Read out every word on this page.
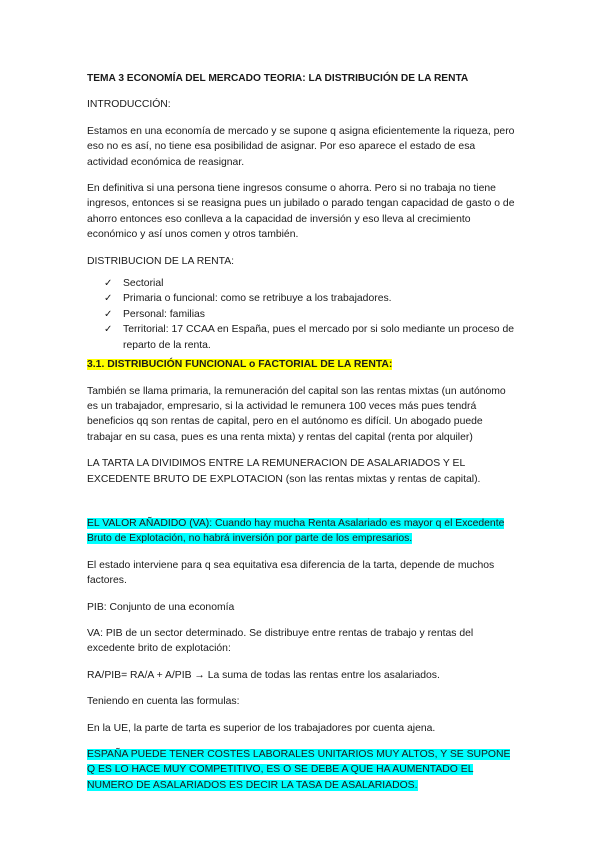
TEMA 3 ECONOMÍA DEL MERCADO TEORIA: LA DISTRIBUCIÓN DE LA RENTA

INTRODUCCIÓN:

Estamos en una economía de mercado y se supone q asigna eficientemente la riqueza, pero eso no es así, no tiene esa posibilidad de asignar. Por eso aparece el estado de esa actividad económica de reasignar.

En definitiva si una persona tiene ingresos consume o ahorra. Pero si no trabaja no tiene ingresos, entonces si se reasigna pues un jubilado o parado tengan capacidad de gasto o de ahorro entonces eso conlleva a la capacidad de inversión y eso lleva al crecimiento económico y así unos comen y otros también.

DISTRIBUCION DE LA RENTA:

✓ Sectorial
✓ Primaria o funcional: como se retribuye a los trabajadores.
✓ Personal: familias
✓ Territorial: 17 CCAA en España, pues el mercado por si solo mediante un proceso de reparto de la renta.

3.1. DISTRIBUCIÓN FUNCIONAL o FACTORIAL DE LA RENTA:

También se llama primaria, la remuneración del capital son las rentas mixtas (un autónomo es un trabajador, empresario, si la actividad le remunera 100 veces más pues tendrá beneficios qq son rentas de capital, pero en el autónomo es difícil. Un abogado puede trabajar en su casa, pues es una renta mixta) y rentas del capital (renta por alquiler)

LA TARTA LA DIVIDIMOS ENTRE LA REMUNERACION DE ASALARIADOS Y EL EXCEDENTE BRUTO DE EXPLOTACION (son las rentas mixtas y rentas de capital).

EL VALOR AÑADIDO (VA): Cuando hay mucha Renta Asalariado es mayor q el Excedente Bruto de Explotación, no habrá inversión por parte de los empresarios.

El estado interviene para q sea equitativa esa diferencia de la tarta, depende de muchos factores.

PIB: Conjunto de una economía

VA: PIB de un sector determinado. Se distribuye entre rentas de trabajo y rentas del excedente brito de explotación:

RA/PIB= RA/A + A/PIB → La suma de todas las rentas entre los asalariados.

Teniendo en cuenta las formulas:

En la UE, la parte de tarta es superior de los trabajadores por cuenta ajena.

ESPAÑA PUEDE TENER COSTES LABORALES UNITARIOS MUY ALTOS, Y SE SUPONE Q ES LO HACE MUY COMPETITIVO, ES O SE DEBE A QUE HA AUMENTADO EL NUMERO DE ASALARIADOS ES DECIR LA TASA DE ASALARIADOS.
